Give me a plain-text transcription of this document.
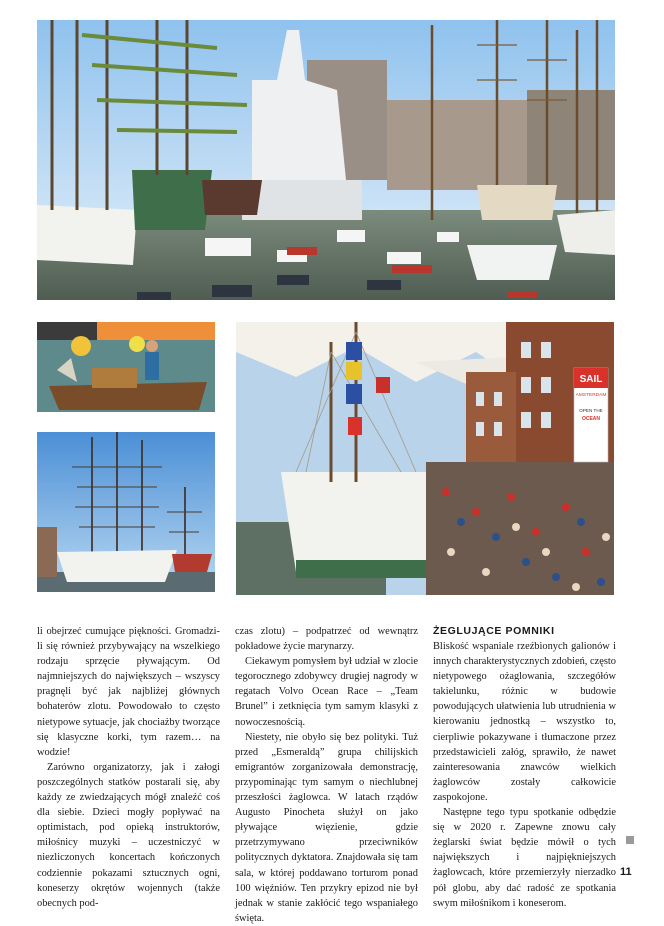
SAIL
AMSTERDAM
OPEN THE
OCEAN

li obejrzeć cumujące piękności. Gromadzi-li się również przybywający na wszelkiego rodzaju sprzęcie pływającym. Od najmniejszych do największych – wszyscy pragnęli być jak najbliżej głównych bohaterów zlotu. Powodowało to często nietypowe sytuacje, jak chociażby tworzące się klasyczne korki, tym razem… na wodzie!

Zarówno organizatorzy, jak i załogi poszczególnych statków postarali się, aby każdy ze zwiedzających mógł znaleźć coś dla siebie. Dzieci mogły popływać na optimistach, pod opieką instruktorów, miłośnicy muzyki – uczestniczyć w niezliczonych koncertach kończonych codziennie pokazami sztucznych ogni, koneserzy okrętów wojennych (także obecnych pod-

czas zlotu) – podpatrzeć od wewnątrz pokładowe życie marynarzy.

Ciekawym pomysłem był udział w zlocie tegorocznego zdobywcy drugiej nagrody w regatach Volvo Ocean Race – „Team Brunel” i zetknięcia tym samym klasyki z nowoczesnością.

Niestety, nie obyło się bez polityki. Tuż przed „Esmeraldą” grupa chilijskich emigrantów zorganizowała demonstrację, przypominając tym samym o niechlubnej przeszłości żaglowca. W latach rządów Augusto Pinocheta służył on jako pływające więzienie, gdzie przetrzymywano przeciwników politycznych dyktatora. Znajdowała się tam sala, w której poddawano torturom ponad 100 więźniów. Ten przykry epizod nie był jednak w stanie zakłócić tego wspaniałego święta.

ŻEGLUJĄCE POMNIKI

Bliskość wspaniale rzeźbionych galionów i innych charakterystycznych zdobień, często nietypowego ożaglowania, szczegółów takielunku, różnic w budowie powodujących ułatwienia lub utrudnienia w kierowaniu jednostką – wszystko to, cierpliwie pokazywane i tłumaczone przez przedstawicieli załóg, sprawiło, że nawet zainteresowania znawców wielkich żaglowców zostały całkowicie zaspokojone.

Następne tego typu spotkanie odbędzie się w 2020 r. Zapewne znowu cały żeglarski świat będzie mówił o tych największych i najpiękniejszych żaglowcach, które przemierzyły nierzadko pół globu, aby dać radość ze spotkania swym miłośnikom i koneserom.

11
